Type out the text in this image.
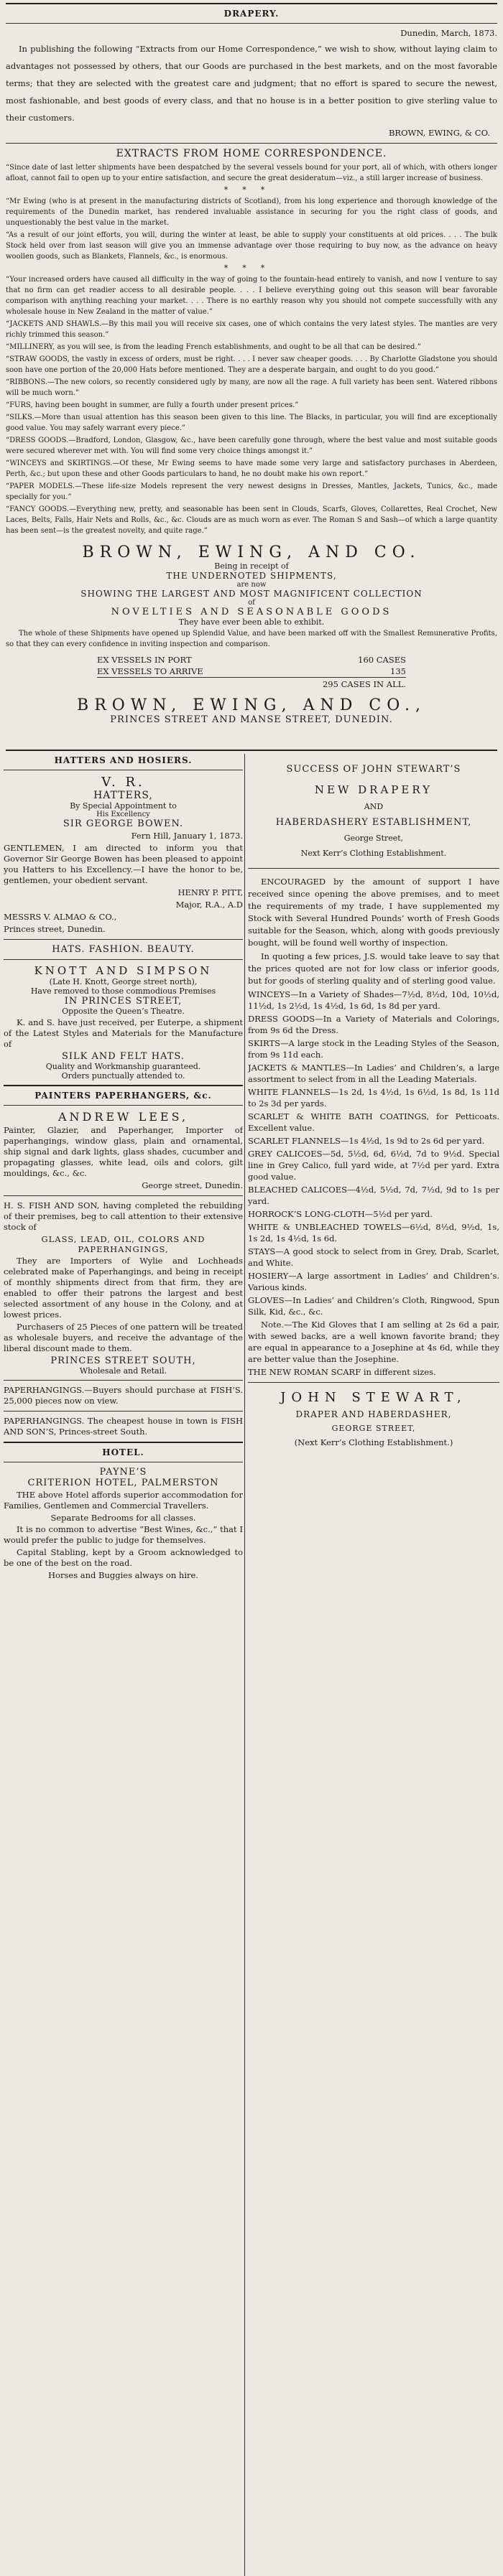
DRAPERY.

Dunedin, March, 1873.

In publishing the following “Extracts from our Home Correspondence,” we wish to show, without laying claim to advantages not possessed by others, that our Goods are purchased in the best markets, and on the most favorable terms; that they are selected with the greatest care and judgment; that no effort is spared to secure the newest, most fashionable, and best goods of every class, and that no house is in a better position to give sterling value to their customers.

BROWN, EWING, & CO.

EXTRACTS FROM HOME CORRESPONDENCE.

“Since date of last letter shipments have been despatched by the several vessels bound for your port, all of which, with others longer afloat, cannot fail to open up to your entire satisfaction, and secure the great desideratum—viz., a still larger increase of business.

***

“Mr Ewing (who is at present in the manufacturing districts of Scotland), from his long experience and thorough knowledge of the requirements of the Dunedin market, has rendered invaluable assistance in securing for you the right class of goods, and unquestionably the best value in the market.

“As a result of our joint efforts, you will, during the winter at least, be able to supply your constituents at old prices. . . . The bulk Stock held over from last season will give you an immense advantage over those requiring to buy now, as the advance on heavy woollen goods, such as Blankets, Flannels, &c., is enormous.

***

“Your increased orders have caused all difficulty in the way of going to the fountain-head entirely to vanish, and now I venture to say that no firm can get readier access to all desirable people. . . . I believe everything going out this season will bear favorable comparison with anything reaching your market. . . . There is no earthly reason why you should not compete successfully with any wholesale house in New Zealand in the matter of value.”

“JACKETS AND SHAWLS.—By this mail you will receive six cases, one of which contains the very latest styles. The mantles are very richly trimmed this season.”

“MILLINERY, as you will see, is from the leading French establishments, and ought to be all that can be desired.”

“STRAW GOODS, the vastly in excess of orders, must be right. . . . I never saw cheaper goods. . . . By Charlotte Gladstone you should soon have one portion of the 20,000 Hats before mentioned. They are a desperate bargain, and ought to do you good.”

“RIBBONS.—The new colors, so recently considered ugly by many, are now all the rage. A full variety has been sent. Watered ribbons will be much worn.”

“FURS, having been bought in summer, are fully a fourth under present prices.”

“SILKS.—More than usual attention has this season been given to this line. The Blacks, in particular, you will find are exceptionally good value. You may safely warrant every piece.”

“DRESS GOODS.—Bradford, London, Glasgow, &c., have been carefully gone through, where the best value and most suitable goods were secured wherever met with. You will find some very choice things amongst it.”

“WINCEYS and SKIRTINGS.—Of these, Mr Ewing seems to have made some very large and satisfactory purchases in Aberdeen, Perth, &c.; but upon these and other Goods particulars to hand, he no doubt make his own report.”

“PAPER MODELS.—These life-size Models represent the very newest designs in Dresses, Mantles, Jackets, Tunics, &c., made specially for you.”

“FANCY GOODS.—Everything new, pretty, and seasonable has been sent in Clouds, Scarfs, Gloves, Collarettes, Real Crochet, New Laces, Belts, Falls, Hair Nets and Rolls, &c., &c. Clouds are as much worn as ever. The Roman S and Sash—of which a large quantity has been sent—is the greatest novelty, and quite rage.”

BROWN, EWING, AND CO.
Being in receipt of
THE UNDERNOTED SHIPMENTS,
are now
SHOWING THE LARGEST AND MOST MAGNIFICENT COLLECTION
of
NOVELTIES AND SEASONABLE GOODS
They have ever been able to exhibit.

The whole of these Shipments have opened up Splendid Value, and have been marked off with the Smallest Remunerative Profits, so that they can every confidence in inviting inspection and comparison.

EX VESSELS IN PORT	160 CASES
EX VESSELS TO ARRIVE	135
295 CASES IN ALL.
BROWN, EWING, AND CO.,
PRINCES STREET AND MANSE STREET, DUNEDIN.
HATTERS AND HOSIERS.
V. R.
HATTERS,
By Special Appointment to
His Excellency
SIR GEORGE BOWEN.

Fern Hill, January 1, 1873.

GENTLEMEN, I am directed to inform you that Governor Sir George Bowen has been pleased to appoint you Hatters to his Excellency.—I have the honor to be, gentlemen, your obedient servant.

HENRY P. PITT,

Major, R.A., A.D

MESSRS V. ALMAO & CO.,

Princes street, Dunedin.

HATS. FASHION. BEAUTY.
KNOTT AND SIMPSON
(Late H. Knott, George street north),
Have removed to those commodious Premises
IN PRINCES STREET,
Opposite the Queen’s Theatre.

K. and S. have just received, per Euterpe, a shipment of the Latest Styles and Materials for the Manufacture of

SILK AND FELT HATS.
Quality and Workmanship guaranteed.
Orders punctually attended to.
PAINTERS PAPERHANGERS, &c.
ANDREW LEES,

Painter, Glazier, and Paperhanger, Importer of paperhangings, window glass, plain and ornamental, ship signal and dark lights, glass shades, cucumber and propagating glasses, white lead, oils and colors, gilt mouldings, &c., &c.

George street, Dunedin.

H. S. FISH AND SON, having completed the rebuilding of their premises, beg to call attention to their extensive stock of

GLASS, LEAD, OIL, COLORS AND PAPERHANGINGS,

They are Importers of Wylie and Lochheads celebrated make of Paperhangings, and being in receipt of monthly shipments direct from that firm, they are enabled to offer their patrons the largest and best selected assortment of any house in the Colony, and at lowest prices.

Purchasers of 25 Pieces of one pattern will be treated as wholesale buyers, and receive the advantage of the liberal discount made to them.

PRINCES STREET SOUTH,
Wholesale and Retail.

PAPERHANGINGS.—Buyers should purchase at FISH’S. 25,000 pieces now on view.

PAPERHANGINGS. The cheapest house in town is FISH AND SON’S, Princes-street South.

HOTEL.
PAYNE’S
CRITERION HOTEL, PALMERSTON

THE above Hotel affords superior accommodation for Families, Gentlemen and Commercial Travellers.

Separate Bedrooms for all classes.

It is no common to advertise “Best Wines, &c.,” that I would prefer the public to judge for themselves.

Capital Stabling, kept by a Groom acknowledged to be one of the best on the road.

Horses and Buggies always on hire.

SUCCESS OF JOHN STEWART’S
NEW DRAPERY
AND
HABERDASHERY ESTABLISHMENT,
George Street,
Next Kerr’s Clothing Establishment.

ENCOURAGED by the amount of support I have received since opening the above premises, and to meet the requirements of my trade, I have supplemented my Stock with Several Hundred Pounds’ worth of Fresh Goods suitable for the Season, which, along with goods previously bought, will be found well worthy of inspection.

In quoting a few prices, J.S. would take leave to say that the prices quoted are not for low class or inferior goods, but for goods of sterling quality and of sterling good value.

WINCEYS—In a Variety of Shades—7½d, 8½d, 10d, 10½d, 11½d, 1s 2½d, 1s 4½d, 1s 6d, 1s 8d per yard.

DRESS GOODS—In a Variety of Materials and Colorings, from 9s 6d the Dress.

SKIRTS—A large stock in the Leading Styles of the Season, from 9s 11d each.

JACKETS & MANTLES—In Ladies’ and Children’s, a large assortment to select from in all the Leading Materials.

WHITE FLANNELS—1s 2d, 1s 4½d, 1s 6½d, 1s 8d, 1s 11d to 2s 3d per yards.

SCARLET & WHITE BATH COATINGS, for Petticoats. Excellent value.

SCARLET FLANNELS—1s 4½d, 1s 9d to 2s 6d per yard.

GREY CALICOES—5d, 5½d, 6d, 6½d, 7d to 9½d. Special line in Grey Calico, full yard wide, at 7½d per yard. Extra good value.

BLEACHED CALICOES—4½d, 5½d, 7d, 7½d, 9d to 1s per yard.

HORROCK’S LONG-CLOTH—5½d per yard.

WHITE & UNBLEACHED TOWELS—6½d, 8½d, 9½d, 1s, 1s 2d, 1s 4½d, 1s 6d.

STAYS—A good stock to select from in Grey, Drab, Scarlet, and White.

HOSIERY—A large assortment in Ladies’ and Children’s. Various kinds.

GLOVES—In Ladies’ and Children’s Cloth, Ringwood, Spun Silk, Kid, &c., &c.

Note.—The Kid Gloves that I am selling at 2s 6d a pair, with sewed backs, are a well known favorite brand; they are equal in appearance to a Josephine at 4s 6d, while they are better value than the Josephine.

THE NEW ROMAN SCARF in different sizes.

JOHN STEWART,
DRAPER AND HABERDASHER,
GEORGE STREET,
(Next Kerr’s Clothing Establishment.)
